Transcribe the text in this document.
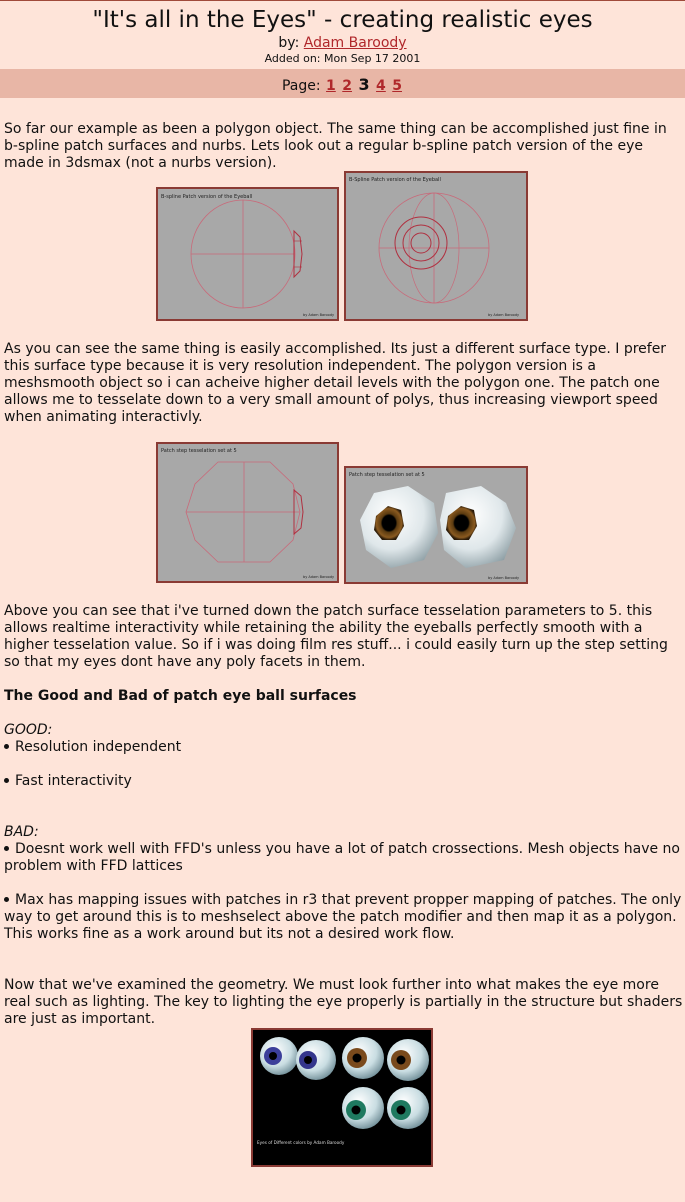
"It's all in the Eyes" - creating realistic eyes
by: Adam Baroody
Added on: Mon Sep 17 2001
Page: 1 2 3 4 5
So far our example as been a polygon object. The same thing can be accomplished just fine in b-spline patch surfaces and nurbs. Lets look out a regular b-spline patch version of the eye made in 3dsmax (not a nurbs version).
B-spline Patch version of the Eyeball
by Adam Baroody
B-Spline Patch version of the Eyeball
by Adam Baroody
As you can see the same thing is easily accomplished. Its just a different surface type. I prefer this surface type because it is very resolution independent. The polygon version is a meshsmooth object so i can acheive higher detail levels with the polygon one. The patch one allows me to tesselate down to a very small amount of polys, thus increasing viewport speed when animating interactivly.
Patch step tesselation set at 5
by Adam Baroody
Patch step tesselation set at 5
by Adam Baroody
Above you can see that i've turned down the patch surface tesselation parameters to 5. this allows realtime interactivity while retaining the ability the eyeballs perfectly smooth with a higher tesselation value. So if i was doing film res stuff... i could easily turn up the step setting so that my eyes dont have any poly facets in them.
The Good and Bad of patch eye ball surfaces
GOOD:
Resolution independent
Fast interactivity
BAD:
Doesnt work well with FFD's unless you have a lot of patch crossections. Mesh objects have no problem with FFD lattices
Max has mapping issues with patches in r3 that prevent propper mapping of patches. The only way to get around this is to meshselect above the patch modifier and then map it as a polygon. This works fine as a work around but its not a desired work flow.
Now that we've examined the geometry. We must look further into what makes the eye more real such as lighting. The key to lighting the eye properly is partially in the structure but shaders are just as important.
Eyes of Different colors by Adam Baroody
